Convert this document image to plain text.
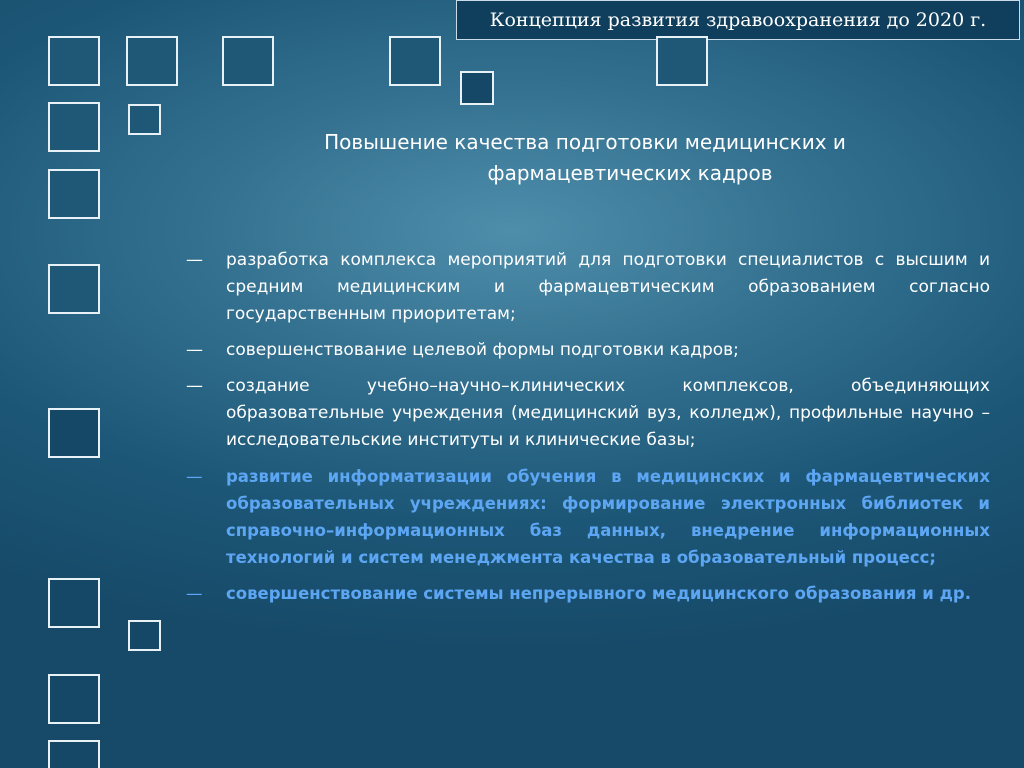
Концепция развития здравоохранения до 2020 г.
Повышение качества подготовки медицинских и
фармацевтических кадров
— разработка комплекса мероприятий для подготовки специалистов с высшим и средним медицинским и фармацевтическим образованием согласно государственным приоритетам;
— совершенствование целевой формы подготовки кадров;
— создание учебно–научно–клинических комплексов, объединяющих образовательные учреждения (медицинский вуз, колледж), профильные научно – исследовательские институты и клинические базы;
— развитие информатизации обучения в медицинских и фармацевтических образовательных учреждениях: формирование электронных библиотек и справочно–информационных баз данных, внедрение информационных технологий и систем менеджмента качества в образовательный процесс;
— совершенствование системы непрерывного медицинского образования и др.
